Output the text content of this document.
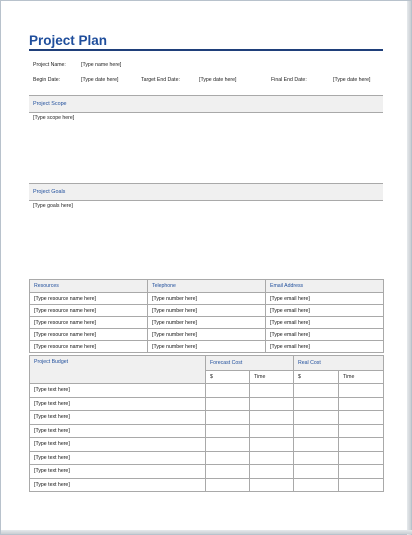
Project Plan
Project Name:	[Type name here]
Begin Date:	[Type date here]	Target End Date:	[Type date here]	Final End Date:	[Type date here]
Project Scope
[Type scope here]
Project Goals
[Type goals here]
Resources	Telephone	Email Address
[Type resource name here]	[Type number here]	[Type email here]
[Type resource name here]	[Type number here]	[Type email here]
[Type resource name here]	[Type number here]	[Type email here]
[Type resource name here]	[Type number here]	[Type email here]
[Type resource name here]	[Type number here]	[Type email here]
Project Budget	Forecast Cost		Real Cost	
	$	Time	$	Time
[Type text here]				
[Type text here]				
[Type text here]				
[Type text here]				
[Type text here]				
[Type text here]				
[Type text here]				
[Type text here]				
